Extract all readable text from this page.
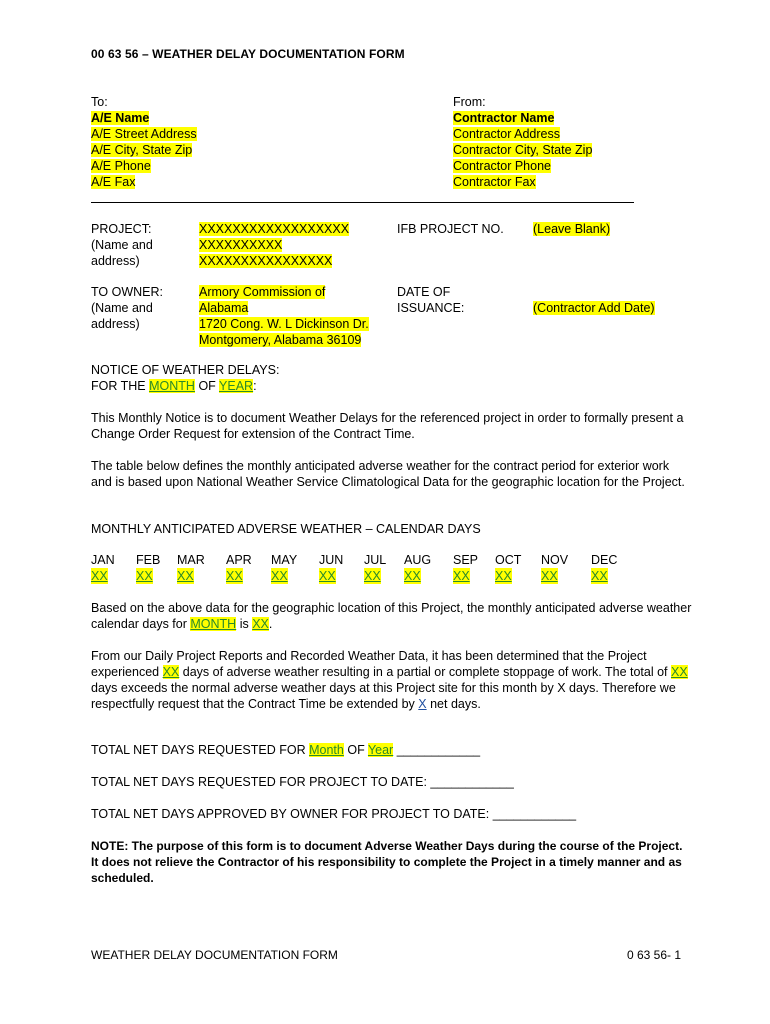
00 63 56 – WEATHER DELAY DOCUMENTATION FORM
To:
A/E Name
A/E Street Address
A/E City, State Zip
A/E Phone
A/E Fax
From:
Contractor Name
Contractor Address
Contractor City, State Zip
Contractor Phone
Contractor Fax
PROJECT:
(Name and
address)
XXXXXXXXXXXXXXXXXX
XXXXXXXXXX
XXXXXXXXXXXXXXXX
IFB PROJECT NO. (Leave Blank)
TO OWNER:
(Name and
address)
Armory Commission of
Alabama
1720 Cong. W. L Dickinson Dr.
Montgomery, Alabama 36109
DATE OF
ISSUANCE:	(Contractor Add Date)
NOTICE OF WEATHER DELAYS:
FOR THE MONTH OF YEAR:
This Monthly Notice is to document Weather Delays for the referenced project in order to formally present a Change Order Request for extension of the Contract Time.
The table below defines the monthly anticipated adverse weather for the contract period for exterior work and is based upon National Weather Service Climatological Data for the geographic location for the Project.
MONTHLY ANTICIPATED ADVERSE WEATHER – CALENDAR DAYS
JAN
XX
FEB
XX
MAR
XX
APR
XX
MAY
XX
JUN
XX
JUL
XX
AUG
XX
SEP
XX
OCT
XX
NOV
XX
DEC
XX
Based on the above data for the geographic location of this Project, the monthly anticipated adverse weather calendar days for MONTH is XX.
From our Daily Project Reports and Recorded Weather Data, it has been determined that the Project experienced XX days of adverse weather resulting in a partial or complete stoppage of work. The total of XX days exceeds the normal adverse weather days at this Project site for this month by X days. Therefore we respectfully request that the Contract Time be extended by X net days.
TOTAL NET DAYS REQUESTED FOR Month OF Year ____________
TOTAL NET DAYS REQUESTED FOR PROJECT TO DATE: ____________
TOTAL NET DAYS APPROVED BY OWNER FOR PROJECT TO DATE: ____________
NOTE: The purpose of this form is to document Adverse Weather Days during the course of the Project. It does not relieve the Contractor of his responsibility to complete the Project in a timely manner and as scheduled.
WEATHER DELAY DOCUMENTATION FORM	0 63 56- 1
